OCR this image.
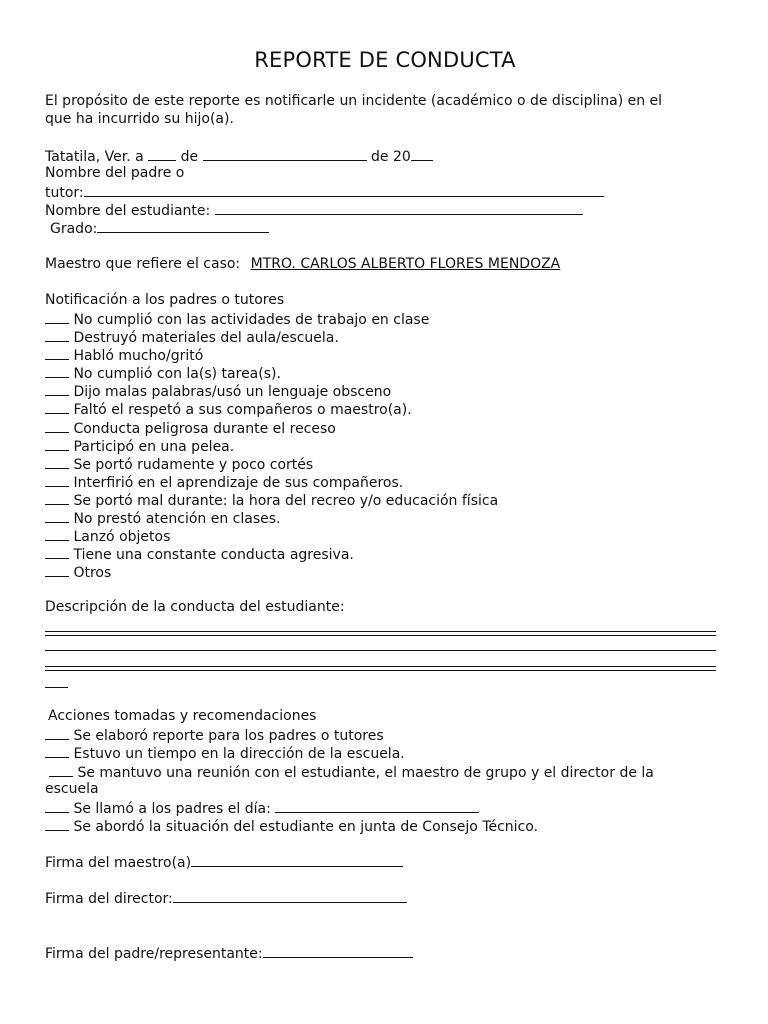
REPORTE DE CONDUCTA
El propósito de este reporte es notificarle un incidente (académico o de disciplina) en el
que ha incurrido su hijo(a).
Tatatila, Ver. a	de	de 20
Nombre del padre o
tutor:
Nombre del estudiante:
Grado:
Maestro que refiere el caso: MTRO. CARLOS ALBERTO FLORES MENDOZA
Notificación a los padres o tutores
No cumplió con las actividades de trabajo en clase
Destruyó materiales del aula/escuela.
Habló mucho/gritó
No cumplió con la(s) tarea(s).
Dijo malas palabras/usó un lenguaje obsceno
Faltó el respetó a sus compañeros o maestro(a).
Conducta peligrosa durante el receso
Participó en una pelea.
Se portó rudamente y poco cortés
Interfirió en el aprendizaje de sus compañeros.
Se portó mal durante: la hora del recreo y/o educación física
No prestó atención en clases.
Lanzó objetos
Tiene una constante conducta agresiva.
Otros
Descripción de la conducta del estudiante:
Acciones tomadas y recomendaciones
Se elaboró reporte para los padres o tutores
Estuvo un tiempo en la dirección de la escuela.
Se mantuvo una reunión con el estudiante, el maestro de grupo y el director de la
escuela
Se llamó a los padres el día:
Se abordó la situación del estudiante en junta de Consejo Técnico.
Firma del maestro(a)
Firma del director:
Firma del padre/representante:
